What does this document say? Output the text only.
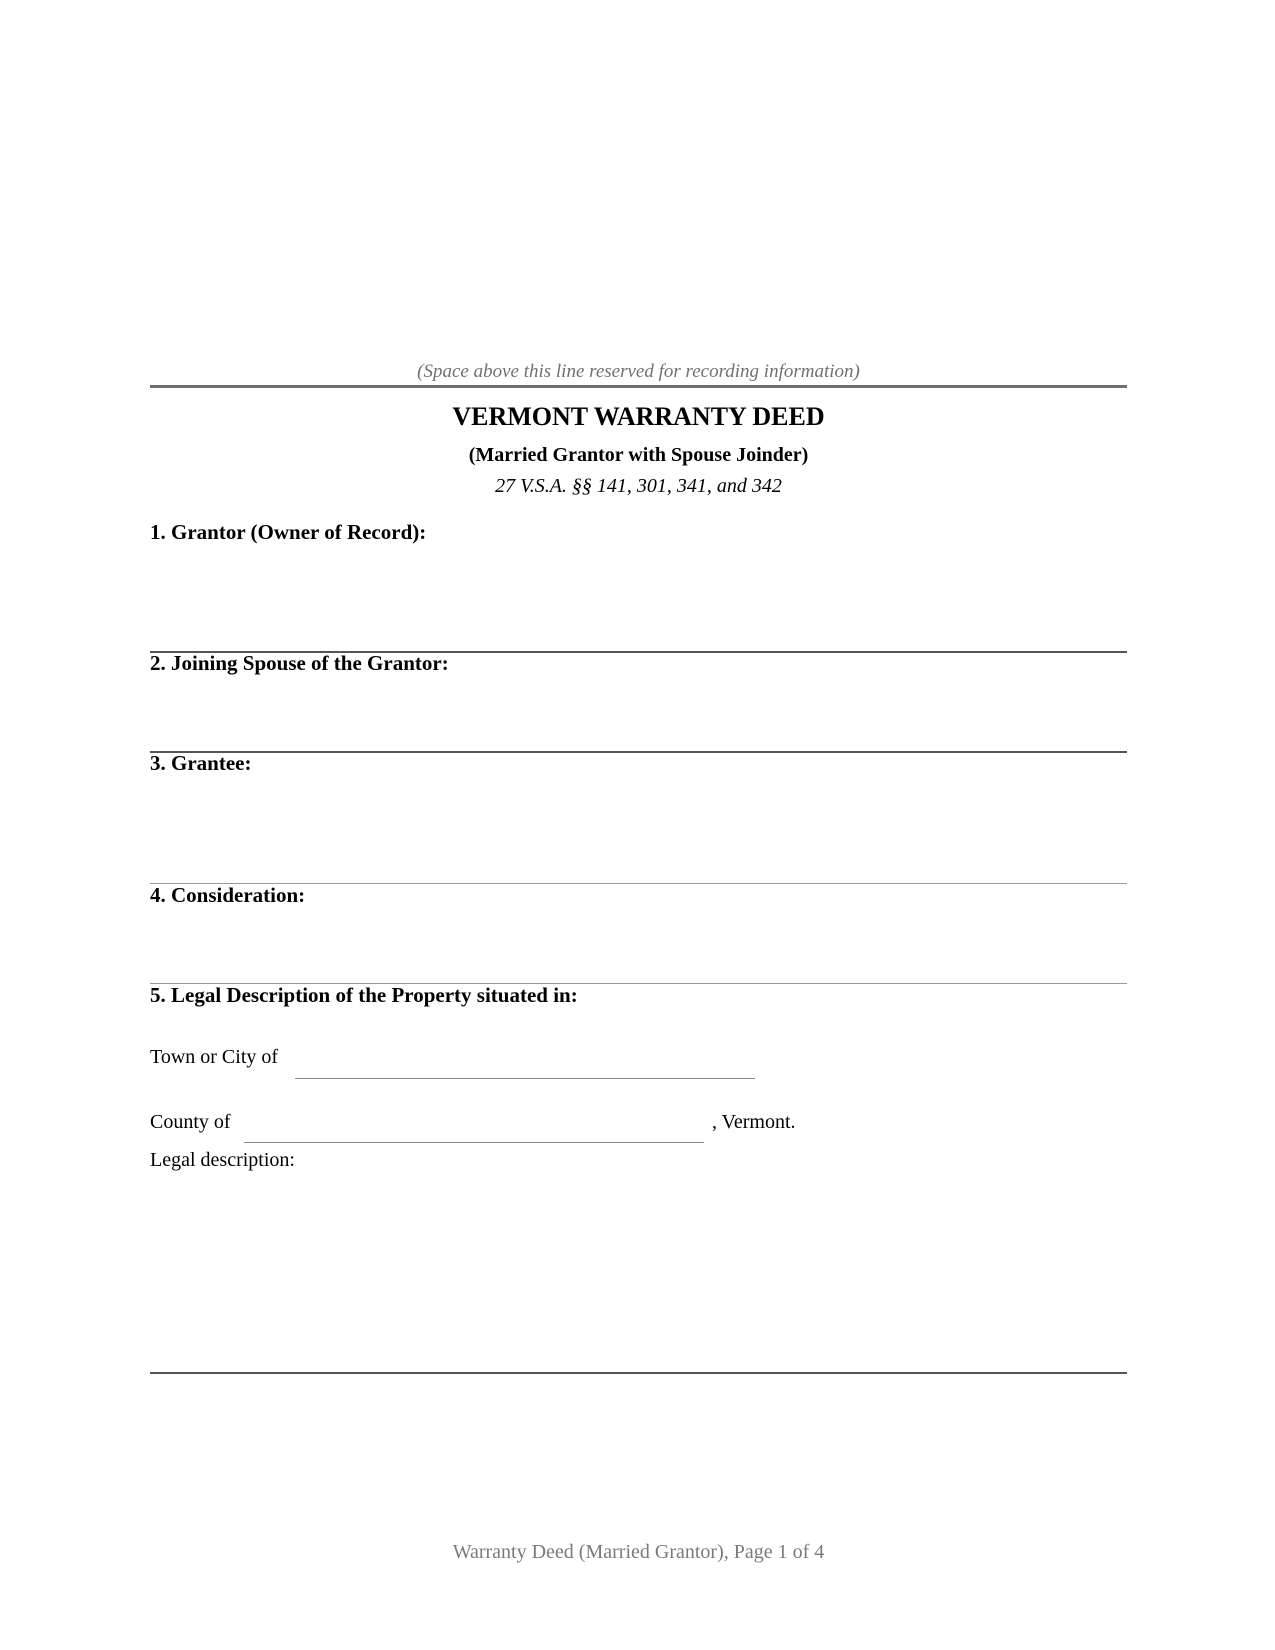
(Space above this line reserved for recording information)
VERMONT WARRANTY DEED
(Married Grantor with Spouse Joinder)
27 V.S.A. §§ 141, 301, 341, and 342
1. Grantor (Owner of Record):
2. Joining Spouse of the Grantor:
3. Grantee:
4. Consideration:
5. Legal Description of the Property situated in:
Town or City of
County of	, Vermont.
Legal description:
Warranty Deed (Married Grantor), Page 1 of 4
